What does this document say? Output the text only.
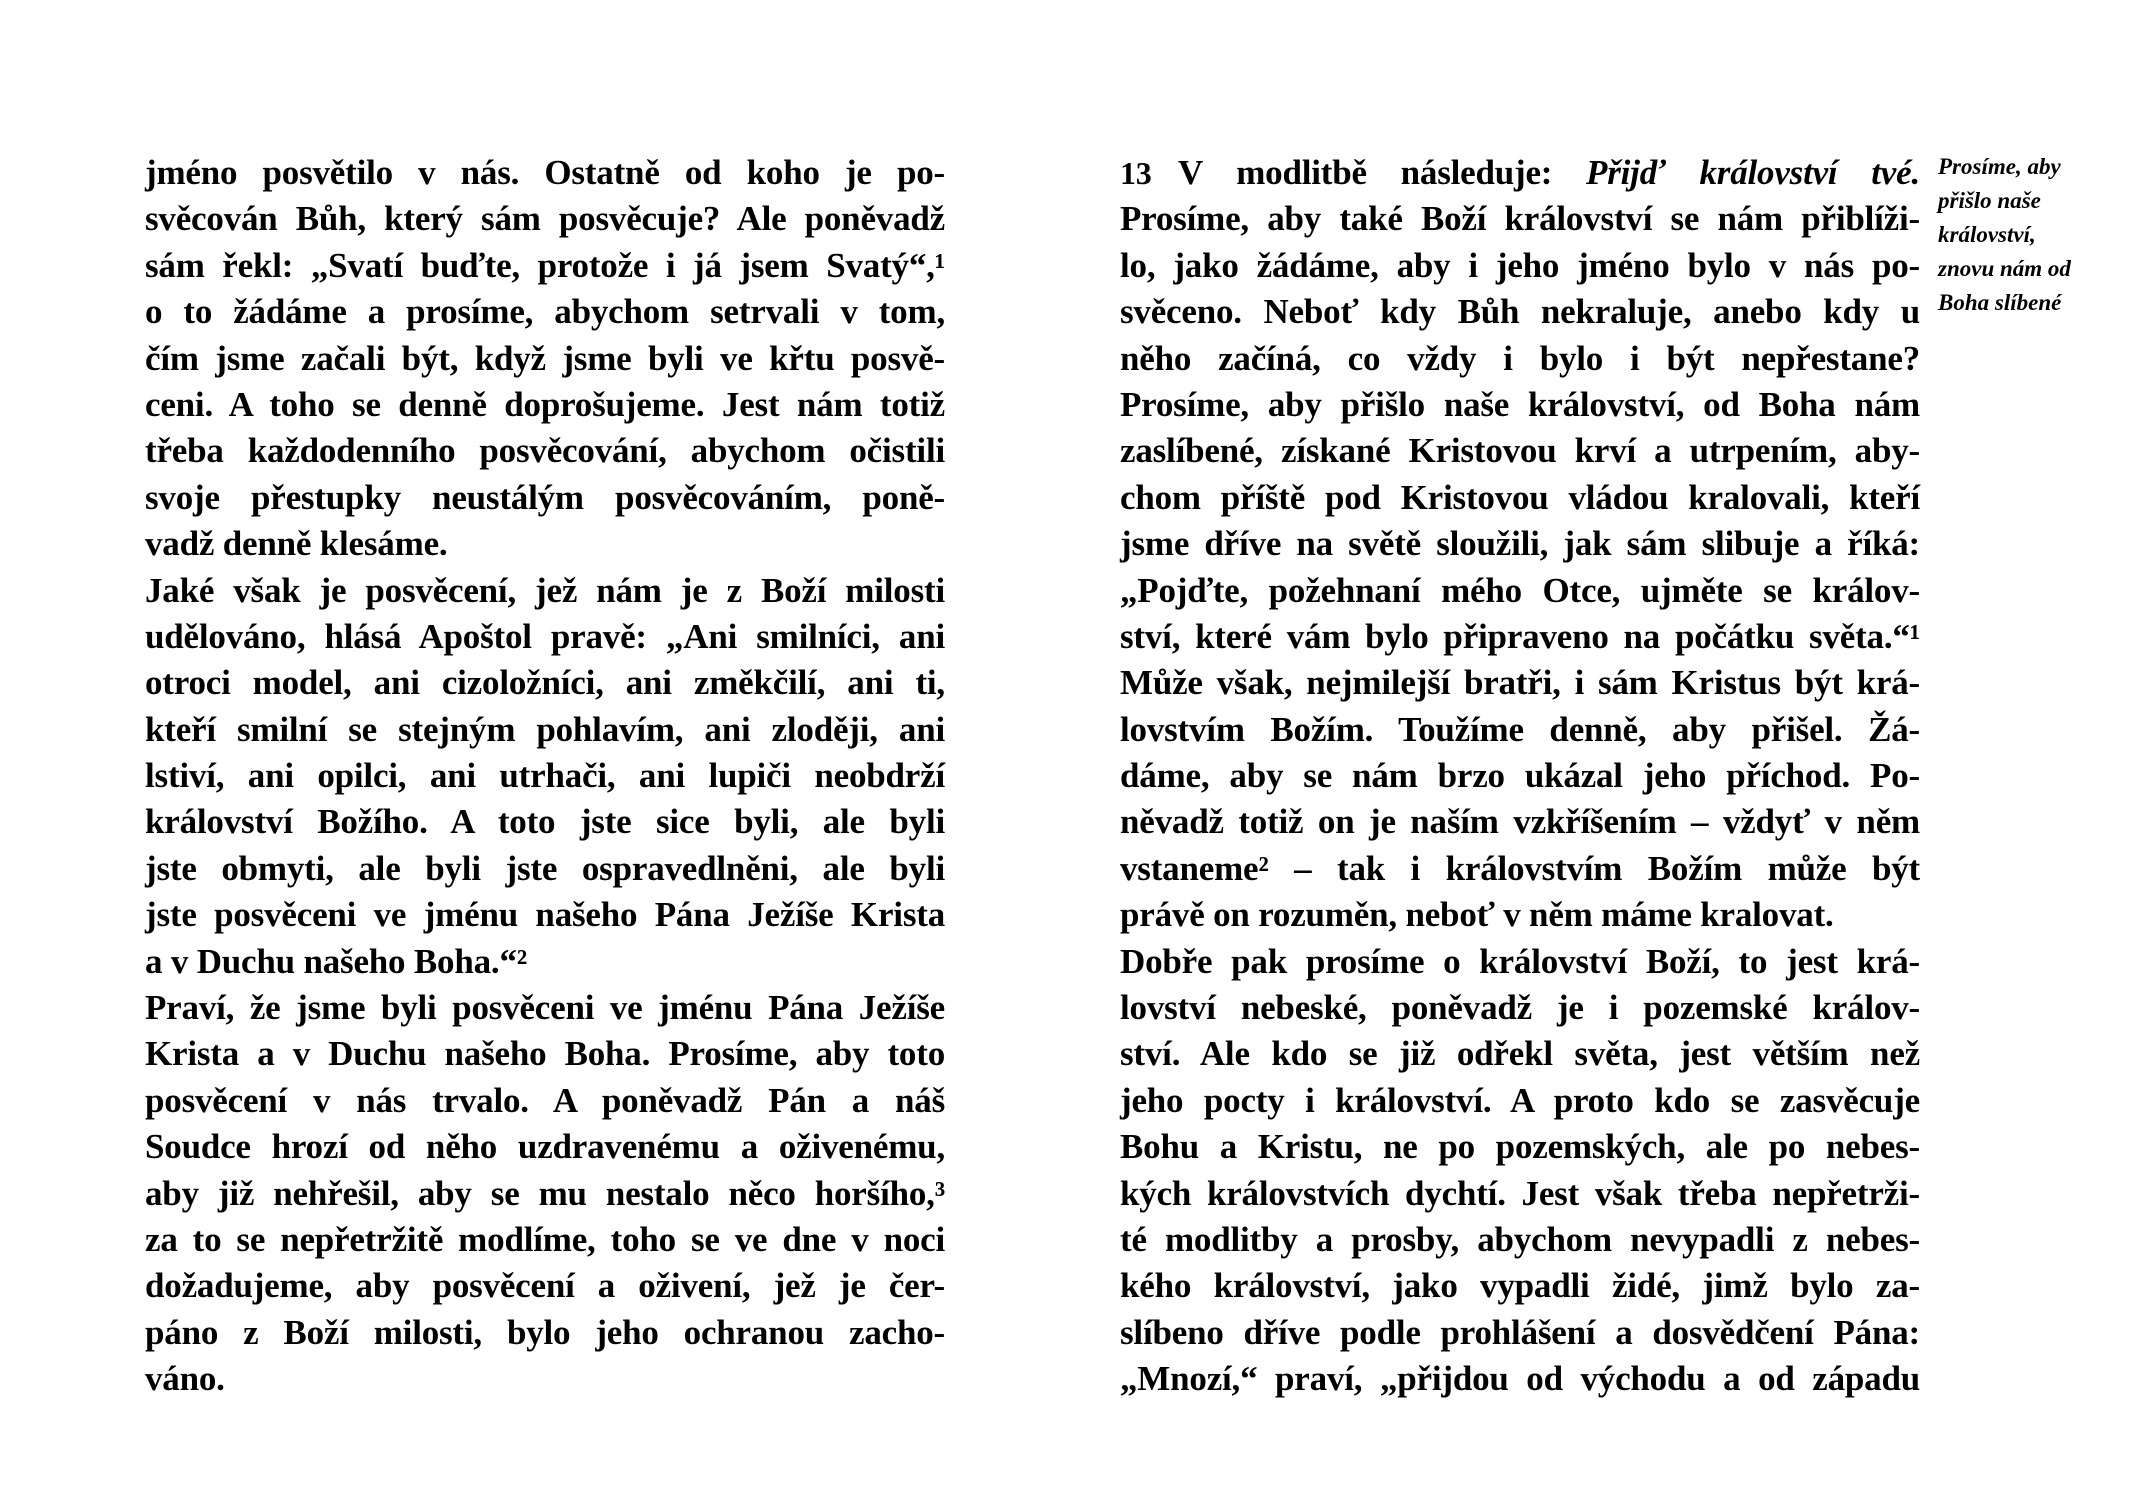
jméno posvětilo v nás. Ostatně od koho je po-
svěcován Bůh, který sám posvěcuje? Ale poněvadž
sám řekl: „Svatí buďte, protože i já jsem Svatý“,¹
o to žádáme a prosíme, abychom setrvali v tom,
čím jsme začali být, když jsme byli ve křtu posvě-
ceni. A toho se denně doprošujeme. Jest nám totiž
třeba každodenního posvěcování, abychom očistili
svoje přestupky neustálým posvěcováním, poně-
vadž denně klesáme.
Jaké však je posvěcení, jež nám je z Boží milosti
udělováno, hlásá Apoštol pravě: „Ani smilníci, ani
otroci model, ani cizoložníci, ani změkčilí, ani ti,
kteří smilní se stejným pohlavím, ani zloději, ani
lstiví, ani opilci, ani utrhači, ani lupiči neobdrží
království Božího. A toto jste sice byli, ale byli
jste obmyti, ale byli jste ospravedlněni, ale byli
jste posvěceni ve jménu našeho Pána Ježíše Krista
a v Duchu našeho Boha.“²
Praví, že jsme byli posvěceni ve jménu Pána Ježíše
Krista a v Duchu našeho Boha. Prosíme, aby toto
posvěcení v nás trvalo. A poněvadž Pán a náš
Soudce hrozí od něho uzdravenému a oživenému,
aby již nehřešil, aby se mu nestalo něco horšího,³
za to se nepřetržitě modlíme, toho se ve dne v noci
dožadujeme, aby posvěcení a oživení, jež je čer-
páno z Boží milosti, bylo jeho ochranou zacho-
váno.
13 V modlitbě následuje: Přijď království tvé.
Prosíme, aby také Boží království se nám přiblíži-
lo, jako žádáme, aby i jeho jméno bylo v nás po-
svěceno. Neboť kdy Bůh nekraluje, anebo kdy u
něho začíná, co vždy i bylo i být nepřestane?
Prosíme, aby přišlo naše království, od Boha nám
zaslíbené, získané Kristovou krví a utrpením, aby-
chom příště pod Kristovou vládou kralovali, kteří
jsme dříve na světě sloužili, jak sám slibuje a říká:
„Pojďte, požehnaní mého Otce, ujměte se králov-
ství, které vám bylo připraveno na počátku světa.“¹
Může však, nejmilejší bratři, i sám Kristus být krá-
lovstvím Božím. Toužíme denně, aby přišel. Žá-
dáme, aby se nám brzo ukázal jeho příchod. Po-
něvadž totiž on je naším vzkříšením – vždyť v něm
vstaneme² – tak i královstvím Božím může být
právě on rozuměn, neboť v něm máme kralovat.
Dobře pak prosíme o království Boží, to jest krá-
lovství nebeské, poněvadž je i pozemské králov-
ství. Ale kdo se již odřekl světa, jest větším než
jeho pocty i království. A proto kdo se zasvěcuje
Bohu a Kristu, ne po pozemských, ale po nebes-
kých královstvích dychtí. Jest však třeba nepřetrži-
té modlitby a prosby, abychom nevypadli z nebes-
kého království, jako vypadli židé, jimž bylo za-
slíbeno dříve podle prohlášení a dosvědčení Pána:
„Mnozí,“ praví, „přijdou od východu a od západu
Prosíme, aby
přišlo naše
království,
znovu nám od
Boha slíbené
